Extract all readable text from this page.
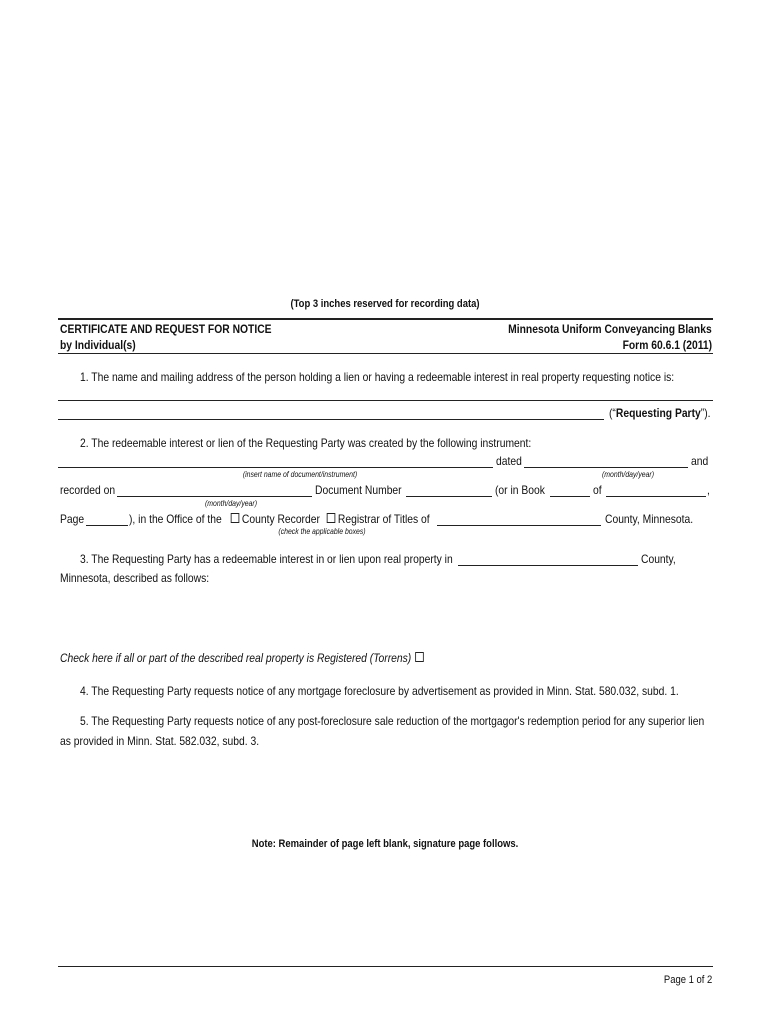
(Top 3 inches reserved for recording data)
CERTIFICATE AND REQUEST FOR NOTICE
by Individual(s)
Minnesota Uniform Conveyancing Blanks
Form 60.6.1 (2011)
1. The name and mailing address of the person holding a lien or having a redeemable interest in real property requesting notice is:
(“Requesting Party”).
2. The redeemable interest or lien of the Requesting Party was created by the following instrument:
dated	and
(insert name of document/instrument)	(month/day/year)
recorded on	Document Number	(or in Book	of	,
(month/day/year)
Page	), in the Office of the	County Recorder	Registrar of Titles of	County, Minnesota.
(check the applicable boxes)
3. The Requesting Party has a redeemable interest in or lien upon real property in	County,
Minnesota, described as follows:
Check here if all or part of the described real property is Registered (Torrens)
4. The Requesting Party requests notice of any mortgage foreclosure by advertisement as provided in Minn. Stat. 580.032, subd. 1.
5. The Requesting Party requests notice of any post-foreclosure sale reduction of the mortgagor's redemption period for any superior lien
as provided in Minn. Stat. 582.032, subd. 3.
Note: Remainder of page left blank, signature page follows.
Page 1 of 2
